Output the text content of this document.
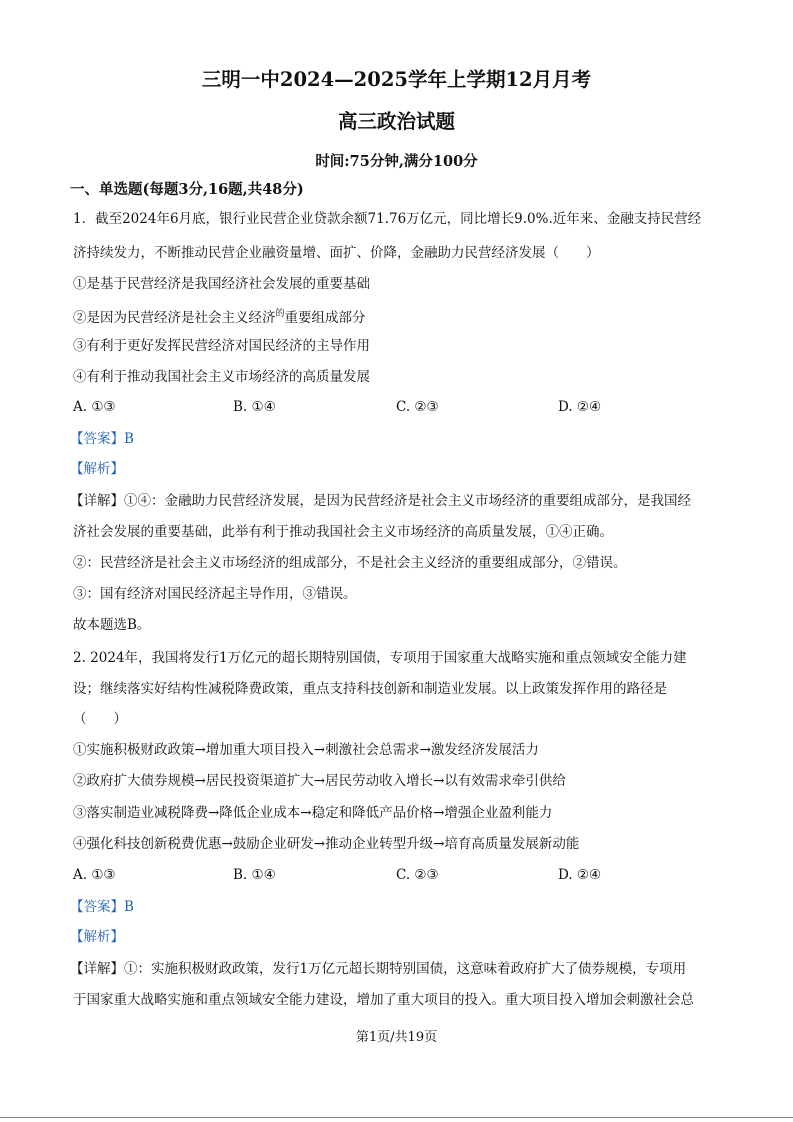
三明一中2024—2025学年上学期12月月考
高三政治试题
时间:75分钟,满分100分
一、单选题(每题3分,16题,共48分)
1．截至2024年6月底，银行业民营企业贷款余额71.76万亿元，同比增长9.0%.近年来、金融支持民营经
济持续发力，不断推动民营企业融资量增、面扩、价降，金融助力民营经济发展（　　）
①是基于民营经济是我国经济社会发展的重要基础
②是因为民营经济是社会主义经济$^的$重要组成部分
③有利于更好发挥民营经济对国民经济的主导作用
④有利于推动我国社会主义市场经济的高质量发展
A. ①③	B. ①④	C. ②③	D. ②④
【答案】B
【解析】
【详解】①④：金融助力民营经济发展，是因为民营经济是社会主义市场经济的重要组成部分，是我国经
济社会发展的重要基础，此举有利于推动我国社会主义市场经济的高质量发展，①④正确。
②：民营经济是社会主义市场经济的组成部分，不是社会主义经济的重要组成部分，②错误。
③：国有经济对国民经济起主导作用，③错误。
故本题选B。
2. 2024年，我国将发行1万亿元的超长期特别国债，专项用于国家重大战略实施和重点领域安全能力建
设；继续落实好结构性减税降费政策，重点支持科技创新和制造业发展。以上政策发挥作用的路径是
（　　）
①实施积极财政政策→增加重大项目投入→刺激社会总需求→激发经济发展活力
②政府扩大债券规模→居民投资渠道扩大→居民劳动收入增长→以有效需求牵引供给
③落实制造业减税降费→降低企业成本→稳定和降低产品价格→增强企业盈利能力
④强化科技创新税费优惠→鼓励企业研发→推动企业转型升级→培育高质量发展新动能
A. ①③	B. ①④	C. ②③	D. ②④
【答案】B
【解析】
【详解】①：实施积极财政政策，发行1万亿元超长期特别国债，这意味着政府扩大了债券规模，专项用
于国家重大战略实施和重点领域安全能力建设，增加了重大项目的投入。重大项目投入增加会刺激社会总
第1页/共19页
